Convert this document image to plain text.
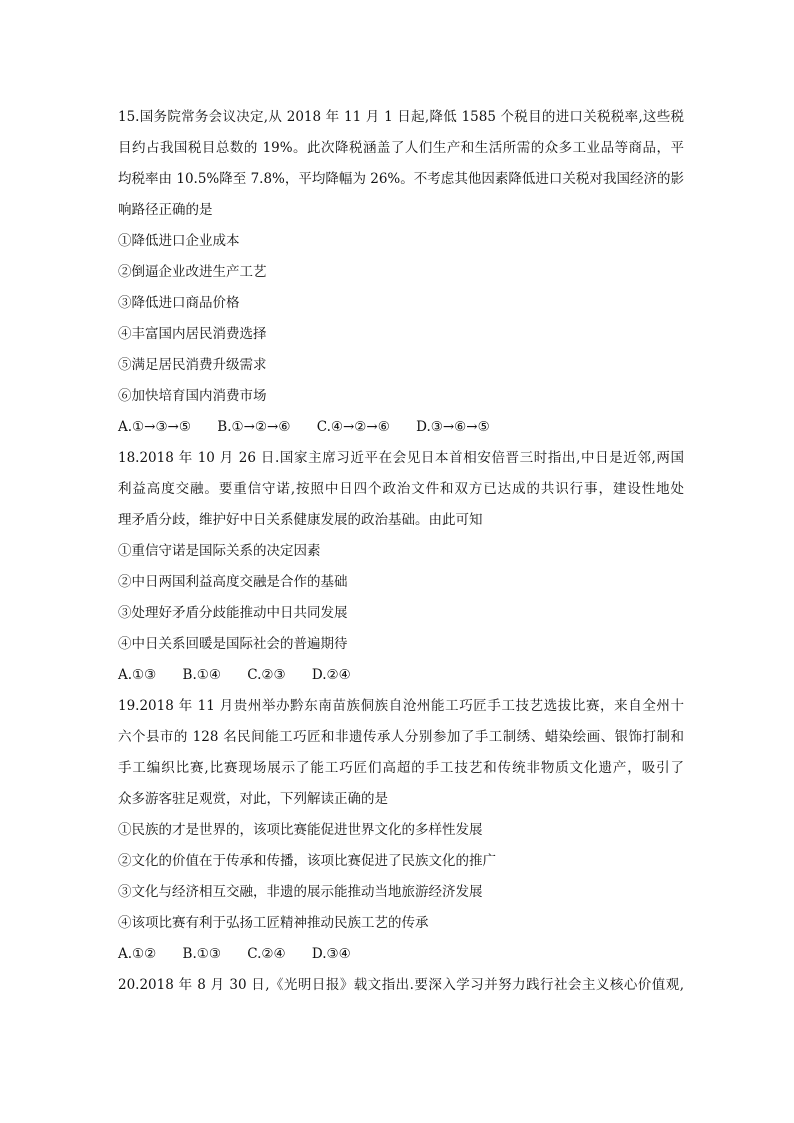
15.国务院常务会议决定,从 2018 年 11 月 1 日起,降低 1585 个税目的进口关税税率,这些税
目约占我国税目总数的 19%。此次降税涵盖了人们生产和生活所需的众多工业品等商品，平
均税率由 10.5%降至 7.8%，平均降幅为 26%。不考虑其他因素降低进口关税对我国经济的影
响路径正确的是
①降低进口企业成本
②倒逼企业改进生产工艺
③降低进口商品价格
④丰富国内居民消费选择
⑤满足居民消费升级需求
⑥加快培育国内消费市场
A.①→③→⑤ B.①→②→⑥ C.④→②→⑥ D.③→⑥→⑤
18.2018 年 10 月 26 日.国家主席习近平在会见日本首相安倍晋三时指出,中日是近邻,两国
利益高度交融。要重信守诺,按照中日四个政治文件和双方已达成的共识行事，建设性地处
理矛盾分歧，维护好中日关系健康发展的政治基础。由此可知
①重信守诺是国际关系的决定因素
②中日两国利益高度交融是合作的基础
③处理好矛盾分歧能推动中日共同发展
④中日关系回暖是国际社会的普遍期待
A.①③ B.①④ C.②③ D.②④
19.2018 年 11 月贵州举办黔东南苗族侗族自沧州能工巧匠手工技艺选拔比赛，来自全州十
六个县市的 128 名民间能工巧匠和非遗传承人分别参加了手工制绣、蜡染绘画、银饰打制和
手工编织比赛,比赛现场展示了能工巧匠们高超的手工技艺和传统非物质文化遗产，吸引了
众多游客驻足观赏，对此，下列解读正确的是
①民族的才是世界的，该项比赛能促进世界文化的多样性发展
②文化的价值在于传承和传播，该项比赛促进了民族文化的推广
③文化与经济相互交融，非遗的展示能推动当地旅游经济发展
④该项比赛有利于弘扬工匠精神推动民族工艺的传承
A.①② B.①③ C.②④ D.③④
20.2018 年 8 月 30 日,《光明日报》载文指出.要深入学习并努力践行社会主义核心价值观,
